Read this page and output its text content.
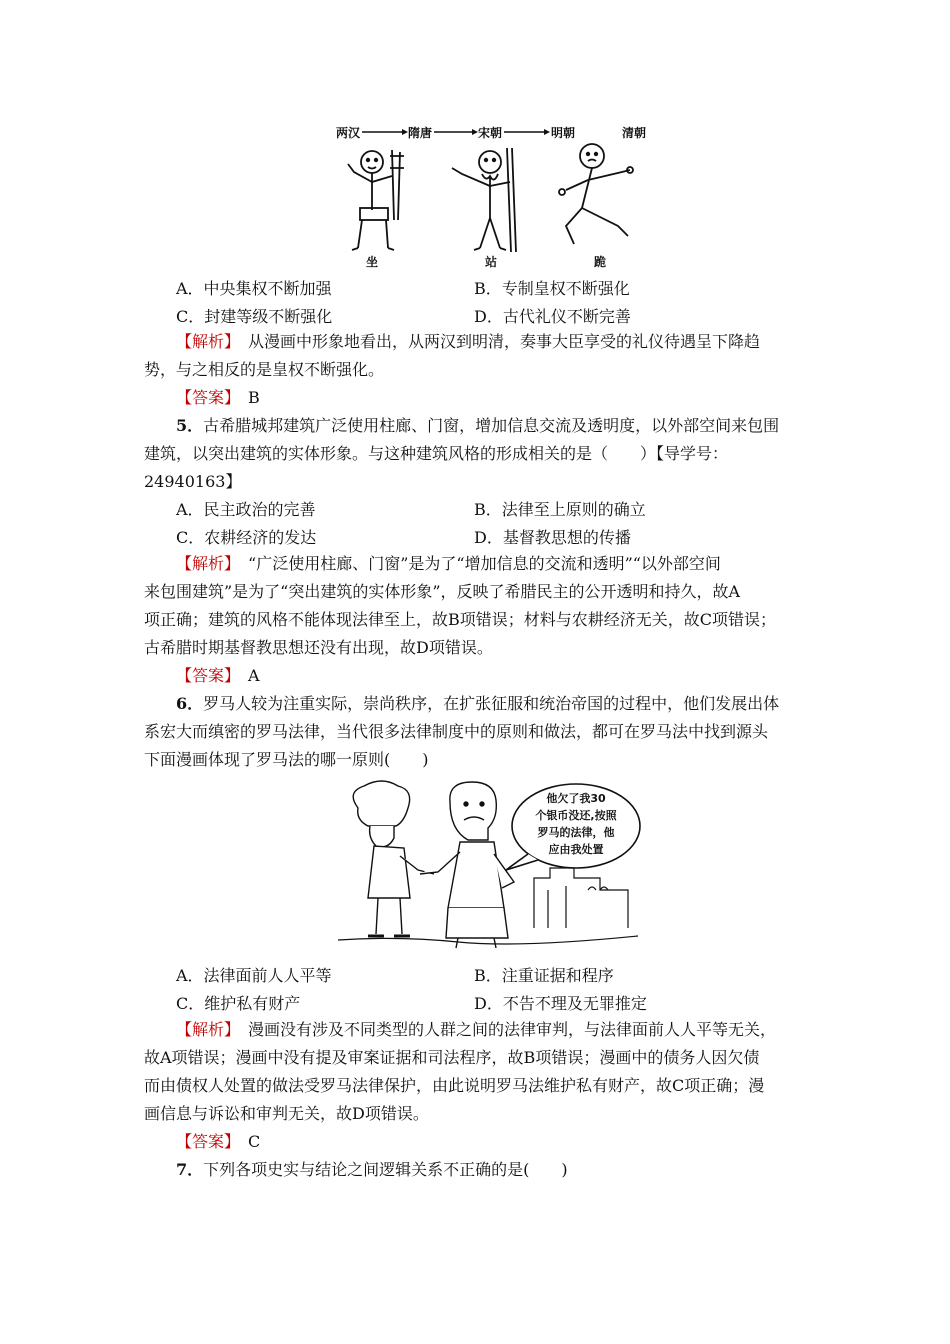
两汉	隋唐	宋朝	明朝	清朝
坐	站	跪
A．中央集权不断加强	B．专制皇权不断强化
C．封建等级不断强化	D．古代礼仪不断完善
【解析】　 从漫画中形象地看出，从两汉到明清，奏事大臣享受的礼仪待遇呈下降趋
势，与之相反的是皇权不断强化。
【答案】　 B
5．古希腊城邦建筑广泛使用柱廊、门窗，增加信息交流及透明度，以外部空间来包围
建筑，以突出建筑的实体形象。与这种建筑风格的形成相关的是（　　）【导学号：
24940163】
A．民主政治的完善	B．法律至上原则的确立
C．农耕经济的发达	D．基督教思想的传播
【解析】　 “广泛使用柱廊、门窗”是为了“增加信息的交流和透明”“以外部空间
来包围建筑”是为了“突出建筑的实体形象”，反映了希腊民主的公开透明和持久，故A
项正确；建筑的风格不能体现法律至上，故B项错误；材料与农耕经济无关，故C项错误；
古希腊时期基督教思想还没有出现，故D项错误。
【答案】　 A
6．罗马人较为注重实际，崇尚秩序，在扩张征服和统治帝国的过程中，他们发展出体
系宏大而缜密的罗马法律，当代很多法律制度中的原则和做法，都可在罗马法中找到源头
下面漫画体现了罗马法的哪一原则(　　)
他欠了我30
个银币没还,按照
罗马的法律，他
应由我处置
A．法律面前人人平等	B．注重证据和程序
C．维护私有财产	D．不告不理及无罪推定
【解析】　 漫画没有涉及不同类型的人群之间的法律审判，与法律面前人人平等无关，
故A项错误；漫画中没有提及审案证据和司法程序，故B项错误；漫画中的债务人因欠债
而由债权人处置的做法受罗马法律保护，由此说明罗马法维护私有财产，故C项正确；漫
画信息与诉讼和审判无关，故D项错误。
【答案】　 C
7．下列各项史实与结论之间逻辑关系不正确的是(　　)
